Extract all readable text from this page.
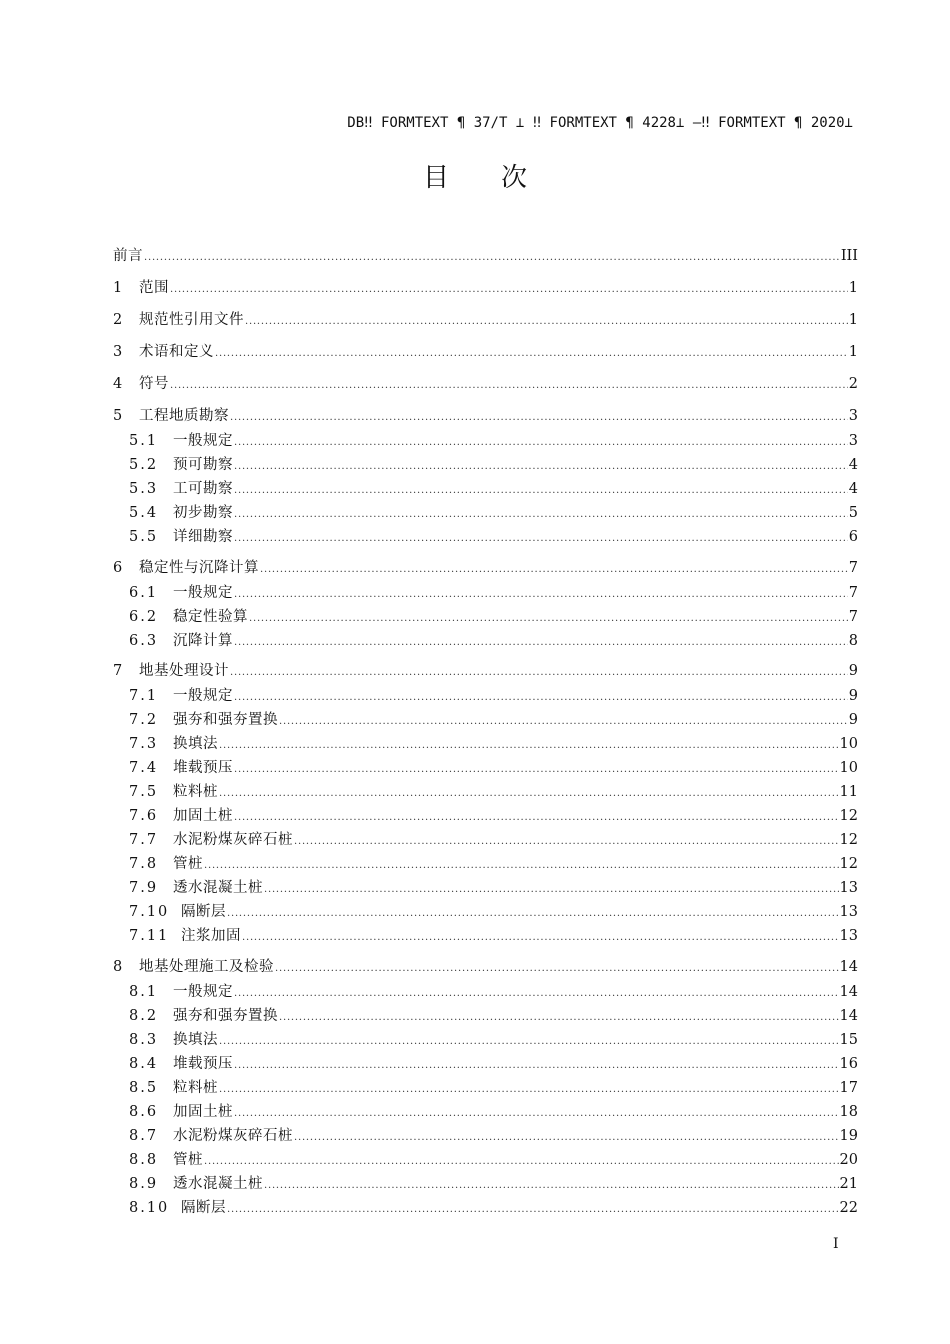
DB‼ FORMTEXT ¶ 37/T ⊥ ‼ FORMTEXT ¶ 4228⊥ —‼ FORMTEXT ¶ 2020⊥
目次
前言 .....	III
1	范围 .....	1
2	规范性引用文件 .....	1
3	术语和定义 .....	1
4	符号 .....	2
5	工程地质勘察 .....	3
5.1	一般规定 .....	3
5.2	预可勘察 .....	4
5.3	工可勘察 .....	4
5.4	初步勘察 .....	5
5.5	详细勘察 .....	6
6	稳定性与沉降计算 .....	7
6.1	一般规定 .....	7
6.2	稳定性验算 .....	7
6.3	沉降计算 .....	8
7	地基处理设计 .....	9
7.1	一般规定 .....	9
7.2	强夯和强夯置换 .....	9
7.3	换填法 .....	10
7.4	堆载预压 .....	10
7.5	粒料桩 .....	11
7.6	加固土桩 .....	12
7.7	水泥粉煤灰碎石桩 .....	12
7.8	管桩 .....	12
7.9	透水混凝土桩 .....	13
7.10 隔断层 .....	13
7.11 注浆加固 .....	13
8	地基处理施工及检验 .....	14
8.1	一般规定 .....	14
8.2	强夯和强夯置换 .....	14
8.3	换填法 .....	15
8.4	堆载预压 .....	16
8.5	粒料桩 .....	17
8.6	加固土桩 .....	18
8.7	水泥粉煤灰碎石桩 .....	19
8.8	管桩 .....	20
8.9	透水混凝土桩 .....	21
8.10 隔断层 .....	22
I
